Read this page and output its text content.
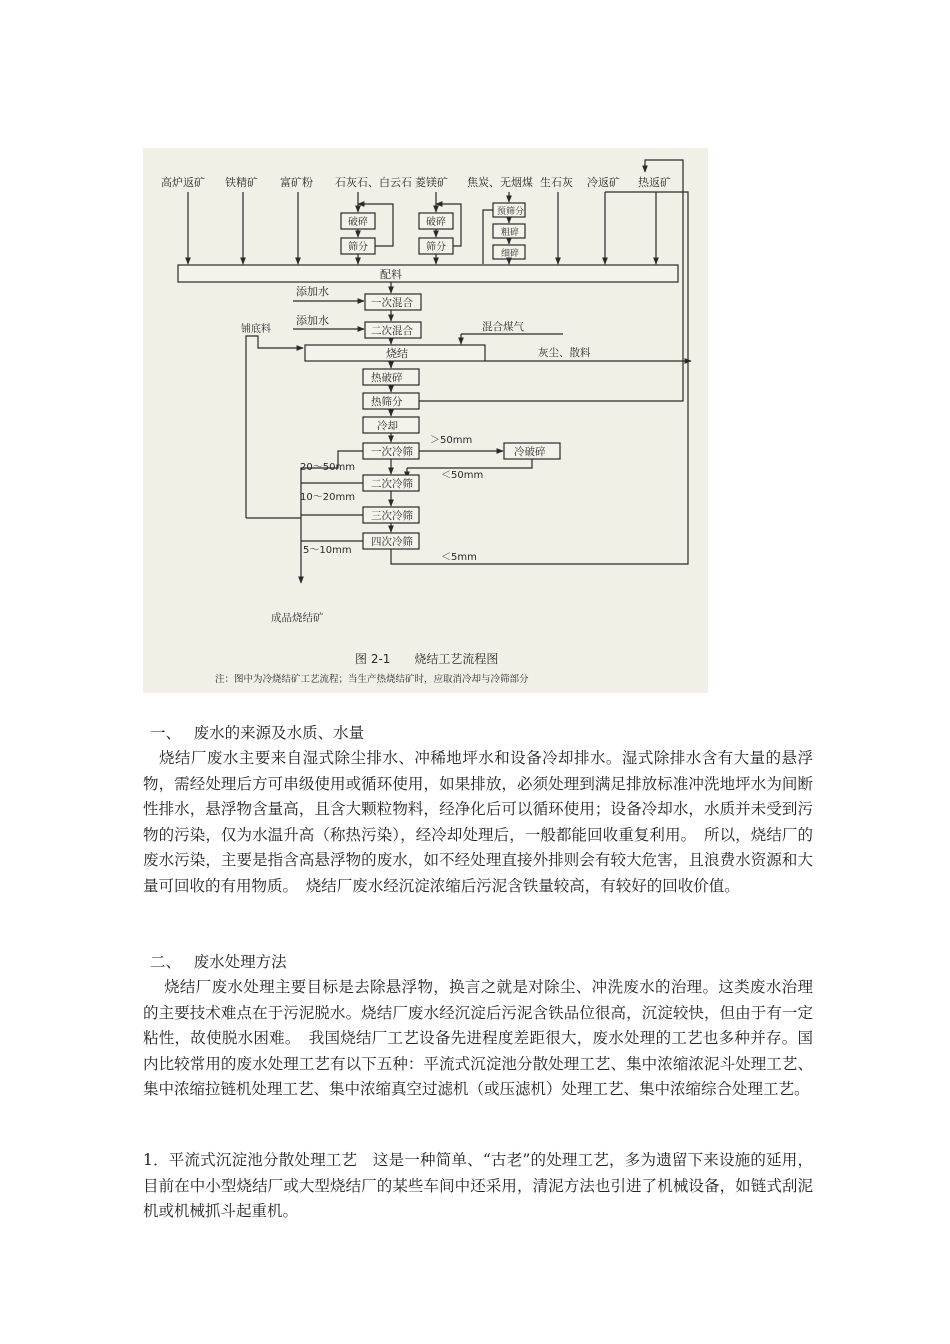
高炉返矿 铁精矿 富矿粉 石灰石、白云石 菱镁矿 焦炭、无烟煤 生石灰 冷返矿 热返矿
破碎
筛分
破碎
筛分
预筛分
粗碎
细碎
配料
添加水
一次混合
添加水
二次混合
铺底料
烧结
混合煤气
灰尘、散料
热破碎
热筛分
冷却
一次冷筛
＞50mm
冷破碎
＜50mm
20～50mm
二次冷筛
10～20mm
三次冷筛
四次冷筛
5～10mm
＜5mm
成品烧结矿
图 2-1　　烧结工艺流程图
注：图中为冷烧结矿工艺流程；当生产热烧结矿时，应取消冷却与冷筛部分
一、　 废水的来源及水质、水量
　烧结厂废水主要来自湿式除尘排水、冲稀地坪水和设备冷却排水。湿式除排水含有大量的悬浮物，需经处理后方可串级使用或循环使用，如果排放，必须处理到满足排放标准冲洗地坪水为间断性排水，悬浮物含量高，且含大颗粒物料，经净化后可以循环使用；设备冷却水，水质并未受到污物的污染，仅为水温升高（称热污染），经冷却处理后，一般都能回收重复利用。　所以，烧结厂的废水污染，主要是指含高悬浮物的废水，如不经处理直接外排则会有较大危害，且浪费水资源和大量可回收的有用物质。　烧结厂废水经沉淀浓缩后污泥含铁量较高，有较好的回收价值。
二、　 废水处理方法
　 烧结厂废水处理主要目标是去除悬浮物，换言之就是对除尘、冲洗废水的治理。这类废水治理的主要技术难点在于污泥脱水。烧结厂废水经沉淀后污泥含铁品位很高，沉淀较快，但由于有一定粘性，故使脱水困难。　我国烧结厂工艺设备先进程度差距很大，废水处理的工艺也多种并存。国内比较常用的废水处理工艺有以下五种：平流式沉淀池分散处理工艺、集中浓缩浓泥斗处理工艺、集中浓缩拉链机处理工艺、集中浓缩真空过滤机（或压滤机）处理工艺、集中浓缩综合处理工艺。
1．平流式沉淀池分散处理工艺　这是一种简单、“古老”的处理工艺，多为遗留下来设施的延用，目前在中小型烧结厂或大型烧结厂的某些车间中还采用，清泥方法也引进了机械设备，如链式刮泥机或机械抓斗起重机。
